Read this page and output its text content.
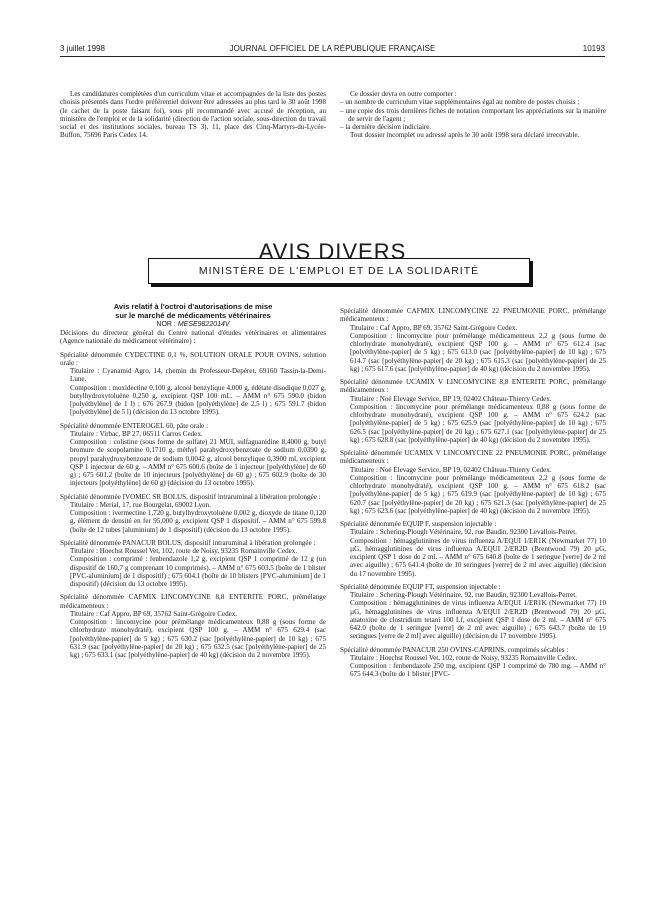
3 juillet 1998	JOURNAL OFFICIEL DE LA RÉPUBLIQUE FRANÇAISE	10193

Les candidatures complétées d'un curriculum vitae et accompagnées de la liste des postes choisis présentés dans l'ordre préférentiel doivent être adressées au plus tard le 30 août 1998 (le cachet de la poste faisant foi), sous pli recommandé avec accusé de réception, au ministère de l'emploi et de la solidarité (direction de l'action sociale, sous-direction du travail social et des institutions sociales, bureau TS 3), 11, place des Cinq-Martyrs-du-Lycée-Buffon, 75696 Paris Cedex 14.

Ce dossier devra en outre comporter :

– un nombre de curriculum vitae supplémentaires égal au nombre de postes choisis ;

– une copie des trois dernières fiches de notation comportant les appréciations sur la manière de servir de l'agent ;

– la dernière décision indiciaire.

Tout dossier incomplet ou adressé après le 30 août 1998 sera déclaré irrecevable.

AVIS DIVERS
MINISTÈRE DE L'EMPLOI ET DE LA SOLIDARITÉ

Avis relatif à l'octroi d'autorisations de mise

sur le marché de médicaments vétérinaires

NOR : MESE9822014V

Décisions du directeur général du Centre national d'études vétérinaires et alimentaires (Agence nationale du médicament vétérinaire) :

Spécialité dénommée CYDECTINE 0,1 %, SOLUTION ORALE POUR OVINS, solution orale :

Titulaire : Cyanamid Agro, 14, chemin du Professeur-Depéret, 69160 Tassin-la-Demi-Lune.

Composition : moxidectine 0,100 g, alcool benzylique 4,000 g, édétate disodique 0,027 g, butylhydroxytoluène 0,250 g, excipient QSP 100 mL. – AMM n° 675 590.0 (bidon [polyéthylène] de 1 l) ; 676 267.9 (bidon [polyéthylène] de 2,5 l) ; 675 591.7 (bidon [polyéthylène] de 5 l) (décision du 13 octobre 1995).

Spécialité dénommée ENTEROGEL 60, pâte orale :

Titulaire : Virbac, BP 27, 06511 Carros Cedex.

Composition : colistine (sous forme de sulfate) 21 MUI, sulfaguanidine 8,4000 g, butyl bromure de scopolamine 0,1710 g, méthyl parahydroxybenzoate de sodium 0,0390 g, propyl parahydroxybenzoate de sodium 0,0042 g, alcool benzylique 0,3900 ml, excipient QSP 1 injecteur de 60 g. – AMM n° 675 600.6 (boîte de 1 injecteur [polyéthylène] de 60 g) ; 675 601.2 (boîte de 10 injecteurs [polyéthylène] de 60 g) ; 675 602.9 (boîte de 30 injecteurs [polyéthylène] de 60 g) (décision du 13 octobre 1995).

Spécialité dénommée IVOMEC SR BOLUS, dispositif intraruminal à libération prolongée :

Titulaire : Merial, 17, rue Bourgelat, 69002 Lyon.

Composition : ivermectine 1,720 g, butylhydroxytoluène 0,002 g, dioxyde de titane 0,120 g, élément de densité en fer 95,000 g, excipient QSP 1 dispositif. – AMM n° 675 599.8 (boîte de 12 tubes [aluminium] de 1 dispositif) (décision du 13 octobre 1995).

Spécialité dénommée PANACUR BOLUS, dispositif intraruminal à libération prolongée :

Titulaire : Hoechst Roussel Vet, 102, route de Noisy, 93235 Romainville Cedex.

Composition : comprimé : fenbendazole 1,2 g, excipient QSP 1 comprimé de 12 g (un dispositif de 160,7 g comprenant 10 comprimés). – AMM n° 675 603.5 (boîte de 1 blister [PVC-aluminium] de 1 dispositif) ; 675 604.1 (boîte de 10 blisters [PVC-aluminium] de 1 dispositif) (décision du 13 octobre 1995).

Spécialité dénommée CAFMIX LINCOMYCINE 8,8 ENTERITE PORC, prémélange médicamenteux :

Titulaire : Caf Appro, BP 69, 35762 Saint-Grégoire Cedex.

Composition : lincomycine pour prémélange médicamenteux 0,88 g (sous forme de chlorhydrate monohydraté), excipient QSP 100 g. – AMM n° 675 629.4 (sac [polyéthylène-papier] de 5 kg) ; 675 630.2 (sac [polyéthylène-papier] de 10 kg) ; 675 631.9 (sac [polyéthylène-papier] de 20 kg) ; 675 632.5 (sac [polyéthylène-papier] de 25 kg) ; 675 633.1 (sac [polyéthylène-papier] de 40 kg) (décision du 2 novembre 1995).

Spécialité dénommée CAFMIX LINCOMYCINE 22 PNEUMONIE PORC, prémélange médicamenteux :

Titulaire : Caf Appro, BP 69, 35762 Saint-Grégoire Cedex.

Composition : lincomycine pour prémélange médicamenteux 2,2 g (sous forme de chlorhydrate monohydraté), excipient QSP 100 g. – AMM n° 675 612.4 (sac [polyéthylène-papier] de 5 kg) ; 675 613.0 (sac [polyéthylène-papier] de 10 kg) ; 675 614.7 (sac [polyéthylène-papier] de 20 kg) ; 675 615.3 (sac [polyéthylène-papier] de 25 kg) ; 675 617.6 (sac [polyéthylène-papier] de 40 kg) (décision du 2 novembre 1995).

Spécialité dénommée UCAMIX V LINCOMYCINE 8,8 ENTERITE PORC, prémélange médicamenteux :

Titulaire : Noé Elevage Service, BP 19, 02402 Château-Thierry Cedex.

Composition : lincomycine pour prémélange médicamenteux 0,88 g (sous forme de chlorhydrate monohydraté), excipient QSP 100 g. – AMM n° 675 624.2 (sac [polyéthylène-papier] de 5 kg) ; 675 625.9 (sac [polyéthylène-papier] de 10 kg) ; 675 626.5 (sac [polyéthylène-papier] de 20 kg) ; 675 627.1 (sac [polyéthylène-papier] de 25 kg) ; 675 628.8 (sac [polyéthylène-papier] de 40 kg) (décision du 2 novembre 1995).

Spécialité dénommée UCAMIX V LINCOMYCINE 22 PNEUMONIE PORC, prémélange médicamenteux :

Titulaire : Noé Elevage Service, BP 19, 02402 Château-Thierry Cedex.

Composition : lincomycine pour prémélange médicamenteux 2,2 g (sous forme de chlorhydrate monohydraté), excipient QSP 100 g. – AMM n° 675 618.2 (sac [polyéthylène-papier] de 5 kg) ; 675 619.9 (sac [polyéthylène-papier] de 10 kg) ; 675 620.7 (sac [polyéthylène-papier] de 20 kg) ; 675 621.3 (sac [polyéthylène-papier] de 25 kg) ; 675 623.6 (sac [polyéthylène-papier] de 40 kg) (décision du 2 novembre 1995).

Spécialité dénommée EQUIP F, suspension injectable :

Titulaire : Schering-Plough Vétérinaire, 92, rue Baudin, 92300 Levallois-Perret.

Composition : hémagglutinines de virus influenza A/EQUI 1/ER1K (Newmarket 77) 10 µG, hémagglutinines de virus influenza A/EQUI 2/ER2D (Brentwood 79) 20 µG, excipient QSP 1 dose de 2 ml. – AMM n° 675 640.8 (boîte de 1 seringue [verre] de 2 ml avec aiguille) ; 675 641.4 (boîte de 10 seringues [verre] de 2 ml avec aiguille) (décision du 17 novembre 1995).

Spécialité dénommée EQUIP FT, suspension injectable :

Titulaire : Schering-Plough Vétérinaire, 92, rue Baudin, 92300 Levallois-Perret.

Composition : hémagglutinines de virus influenza A/EQUI 1/ER1K (Newmarket 77) 10 µG, hémagglutinines de virus influenza A/EQUI 2/ER2D (Brentwood 79) 20 µG, anatoxine de clostridium tetani 100 Lf, excipient QSP 1 dose de 2 ml. – AMM n° 675 642.0 (boîte de 1 seringue [verre] de 2 ml avec aiguille) ; 675 643.7 (boîte de 10 seringues [verre de 2 ml] avec aiguille) (décision du 17 novembre 1995).

Spécialité dénommée PANACUR 250 OVINS-CAPRINS, comprimés sécables :

Titulaire : Hoechst Roussel Vet, 102, route de Noisy, 93235 Romainville Cedex.

Composition : fenbendazole 250 mg, excipient QSP 1 comprimé de 780 mg. – AMM n° 675 644.3 (boîte de 1 blister [PVC-
